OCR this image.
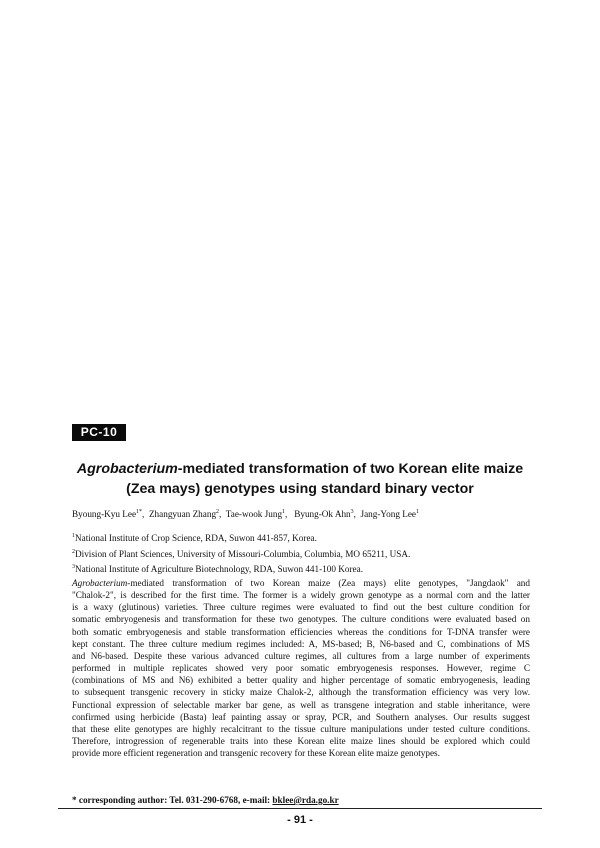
PC-10
Agrobacterium-mediated transformation of two Korean elite maize
(Zea mays) genotypes using standard binary vector
Byoung-Kyu Lee$^{1*}$,  Zhangyuan Zhang$^2$,  Tae-wook Jung$^1$,   Byung-Ok Ahn$^3$,  Jang-Yong Lee$^1$
$^1$National Institute of Crop Science, RDA, Suwon 441-857, Korea.
$^2$Division of Plant Sciences, University of Missouri-Columbia, Columbia, MO 65211, USA.
$^3$National Institute of Agriculture Biotechnology, RDA, Suwon 441-100 Korea.
Agrobacterium-mediated transformation of two Korean maize (Zea mays) elite genotypes, "Jangdaok" and
"Chalok-2", is described for the first time. The former is a widely grown genotype as a normal corn and the latter
is a waxy (glutinous) varieties. Three culture regimes were evaluated to find out the best culture condition for
somatic embryogenesis and transformation for these two genotypes. The culture conditions were evaluated based on
both somatic embryogenesis and stable transformation efficiencies whereas the conditions for T-DNA transfer were
kept constant. The three culture medium regimes included: A, MS-based; B, N6-based and C, combinations of MS
and N6-based. Despite these various advanced culture regimes, all cultures from a large number of experiments
performed in multiple replicates showed very poor somatic embryogenesis responses. However, regime C
(combinations of MS and N6) exhibited a better quality and higher percentage of somatic embryogenesis, leading
to subsequent transgenic recovery in sticky maize Chalok-2, although the transformation efficiency was very low.
Functional expression of selectable marker bar gene, as well as transgene integration and stable inheritance, were
confirmed using herbicide (Basta) leaf painting assay or spray, PCR, and Southern analyses. Our results suggest
that these elite genotypes are highly recalcitrant to the tissue culture manipulations under tested culture conditions.
Therefore, introgression of regenerable traits into these Korean elite maize lines should be explored which could
provide more efficient regeneration and transgenic recovery for these Korean elite maize genotypes.
* corresponding author: Tel. 031-290-6768, e-mail: bklee@rda.go.kr
- 91 -
